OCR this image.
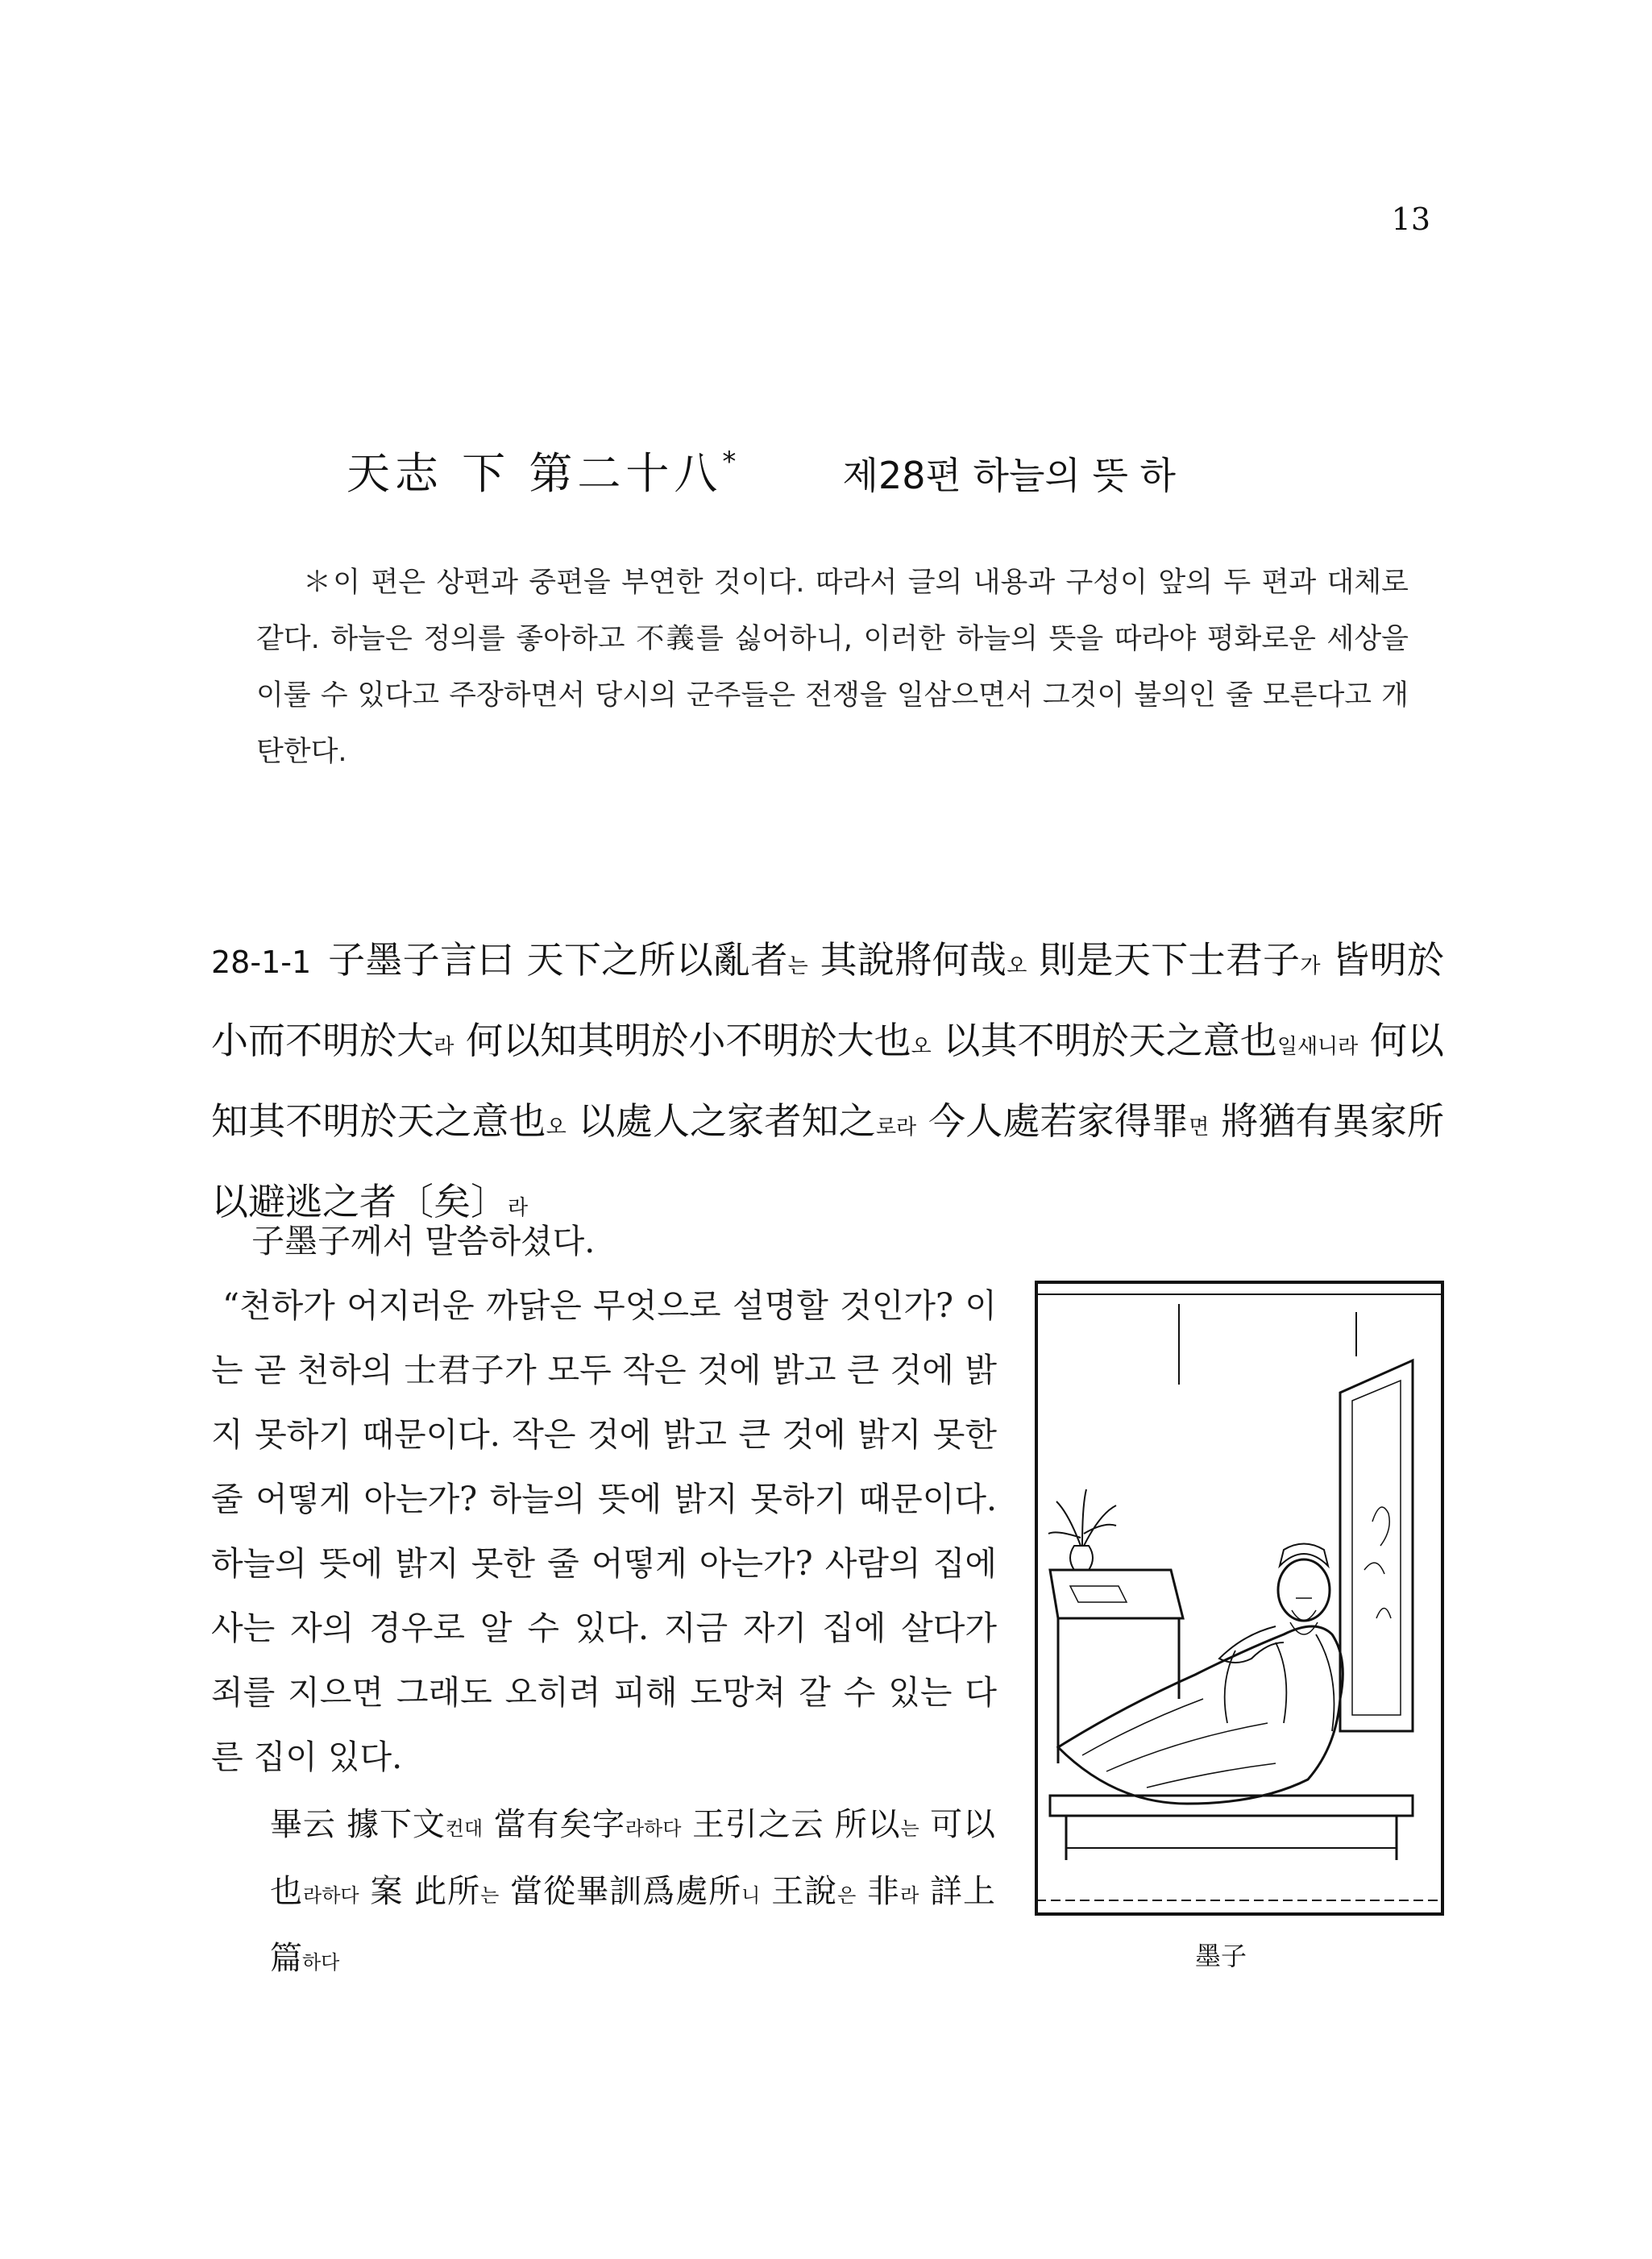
13
天志 下 第二十八*	제28편 하늘의 뜻 하
＊이 편은 상편과 중편을 부연한 것이다. 따라서 글의 내용과 구성이 앞의 두 편과 대체로 같다. 하늘은 정의를 좋아하고 不義를 싫어하니, 이러한 하늘의 뜻을 따라야 평화로운 세상을 이룰 수 있다고 주장하면서 당시의 군주들은 전쟁을 일삼으면서 그것이 불의인 줄 모른다고 개탄한다.
28-1-1 子墨子言曰 天下之所以亂者는 其說將何哉오 則是天下士君子가 皆明於小而不明於大라 何以知其明於小不明於大也오 以其不明於天之意也일새니라 何以知其不明於天之意也오 以處人之家者知之로라 今人處若家得罪면 將猶有異家所以避逃之者〔矣〕라

子墨子께서 말씀하셨다.

“천하가 어지러운 까닭은 무엇으로 설명할 것인가? 이는 곧 천하의 士君子가 모두 작은 것에 밝고 큰 것에 밝지 못하기 때문이다. 작은 것에 밝고 큰 것에 밝지 못한 줄 어떻게 아는가? 하늘의 뜻에 밝지 못하기 때문이다. 하늘의 뜻에 밝지 못한 줄 어떻게 아는가? 사람의 집에 사는 자의 경우로 알 수 있다. 지금 자기 집에 살다가 죄를 지으면 그래도 오히려 피해 도망쳐 갈 수 있는 다른 집이 있다.

畢云 據下文컨대 當有矣字라하다 王引之云 所以는 可以也라하다 案 此所는 當從畢訓爲處所니 王說은 非라 詳上篇하다	墨子
